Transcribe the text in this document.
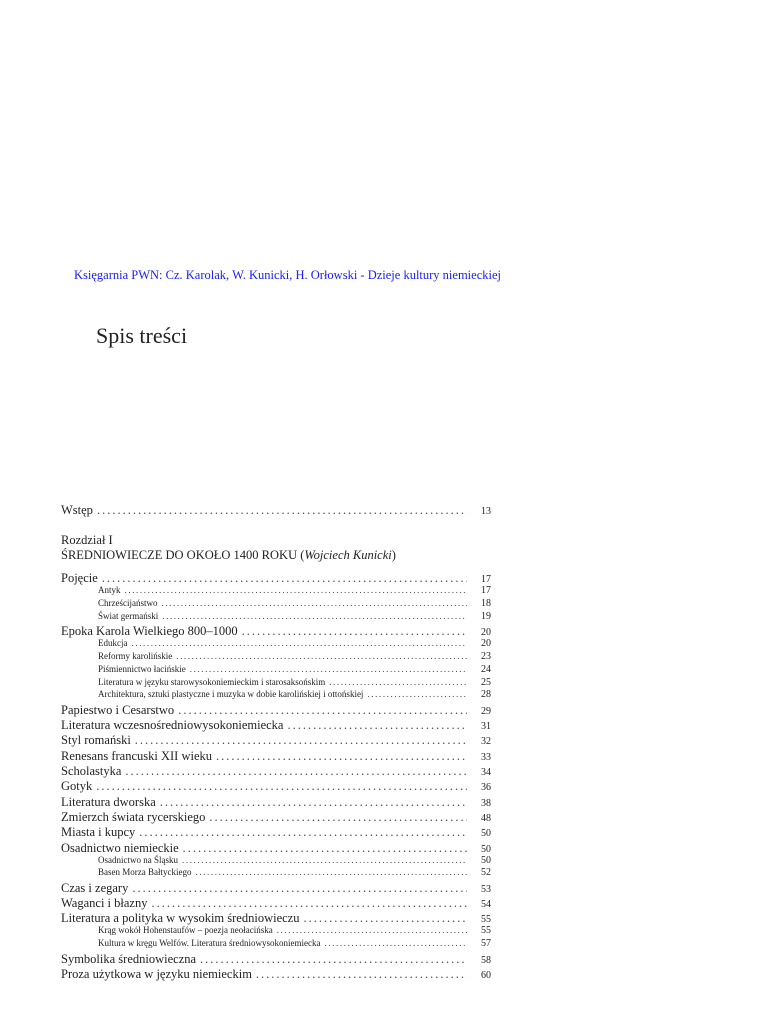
Księgarnia PWN: Cz. Karolak, W. Kunicki, H. Orłowski - Dzieje kultury niemieckiej
Spis treści
Wstęp .....	13
Rozdział I
ŚREDNIOWIECZE DO OKOŁO 1400 ROKU (Wojciech Kunicki)
Pojęcie .....	17
Antyk .....	17
Chrześcijaństwo .....	18
Świat germański .....	19
Epoka Karola Wielkiego 800–1000 .....	20
Edukcja .....	20
Reformy karolińskie .....	23
Piśmiennictwo łacińskie .....	24
Literatura w języku starowysokoniemieckim i starosaksońskim .....	25
Architektura, sztuki plastyczne i muzyka w dobie karolińskiej i ottońskiej .....	28
Papiestwo i Cesarstwo .....	29
Literatura wczesnośredniowysokoniemiecka .....	31
Styl romański .....	32
Renesans francuski XII wieku .....	33
Scholastyka .....	34
Gotyk .....	36
Literatura dworska .....	38
Zmierzch świata rycerskiego .....	48
Miasta i kupcy .....	50
Osadnictwo niemieckie .....	50
Osadnictwo na Śląsku .....	50
Basen Morza Bałtyckiego .....	52
Czas i zegary .....	53
Waganci i błazny .....	54
Literatura a polityka w wysokim średniowieczu .....	55
Krąg wokół Hohenstaufów – poezja neołacińska .....	55
Kultura w kręgu Welfów. Literatura średniowysokoniemiecka .....	57
Symbolika średniowieczna .....	58
Proza użytkowa w języku niemieckim .....	60
